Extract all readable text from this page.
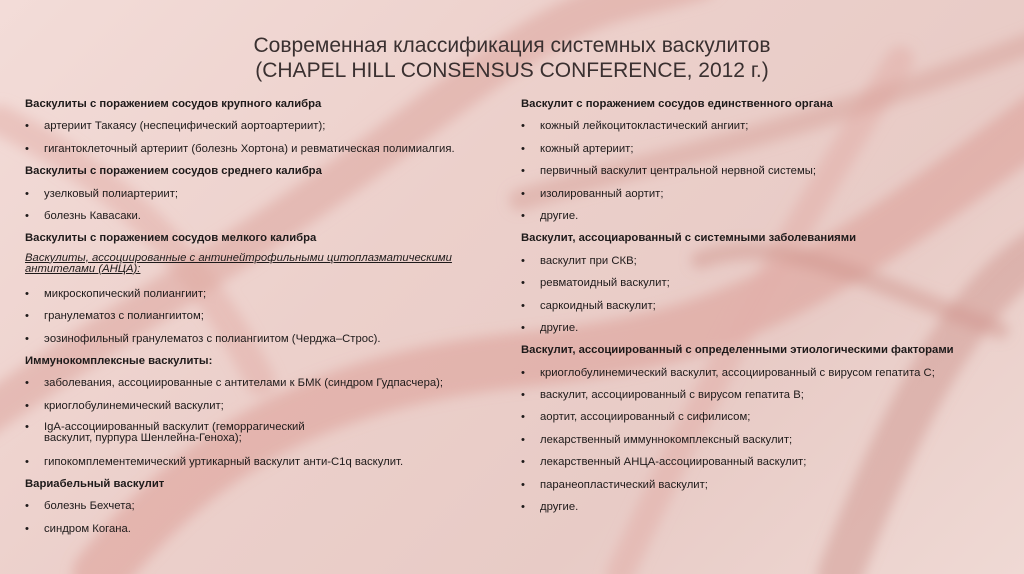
Современная классификация системных васкулитов
(CHAPEL HILL CONSENSUS CONFERENCE, 2012 г.)
Васкулиты с поражением сосудов крупного калибра
•	артериит Такаясу (неспецифический аортоартериит);
•	гигантоклеточный артериит (болезнь Хортона) и ревматическая полимиалгия.
Васкулиты с поражением сосудов среднего калибра
•	узелковый полиартериит;
•	болезнь Кавасаки.
Васкулиты с поражением сосудов мелкого калибра
Васкулиты, ассоциированные с антинейтрофильными цитоплазматическими антителами (АНЦА):
•	микроскопический полиангиит;
•	гранулематоз с полиангиитом;
•	эозинофильный гранулематоз с полиангиитом (Черджа–Строс).
Иммунокомплексные васкулиты:
•	заболевания, ассоциированные с антителами к БМК (синдром Гудпасчера);
•	криоглобулинемический васкулит;
•	IgA-ассоциированный васкулит (геморрагический васкулит, пурпура Шенлейна-Геноха);
•	гипокомплементемический уртикарный васкулит анти-C1q васкулит.
Вариабельный васкулит
•	болезнь Бехчета;
•	синдром Когана.
Васкулит с поражением сосудов единственного органа
•	кожный лейкоцитокластический ангиит;
•	кожный артериит;
•	первичный васкулит центральной нервной системы;
•	изолированный аортит;
•	другие.
Васкулит, ассоциарованный с системными заболеваниями
•	васкулит при СКВ;
•	ревматоидный васкулит;
•	саркоидный васкулит;
•	другие.
Васкулит, ассоциированный с определенными этиологическими факторами
•	криоглобулинемический васкулит, ассоциированный с вирусом гепатита С;
•	васкулит, ассоциированный с вирусом гепатита В;
•	аортит, ассоциированный с сифилисом;
•	лекарственный иммуннокомплексный васкулит;
•	лекарственный АНЦА-ассоциированный васкулит;
•	паранеопластический васкулит;
•	другие.
